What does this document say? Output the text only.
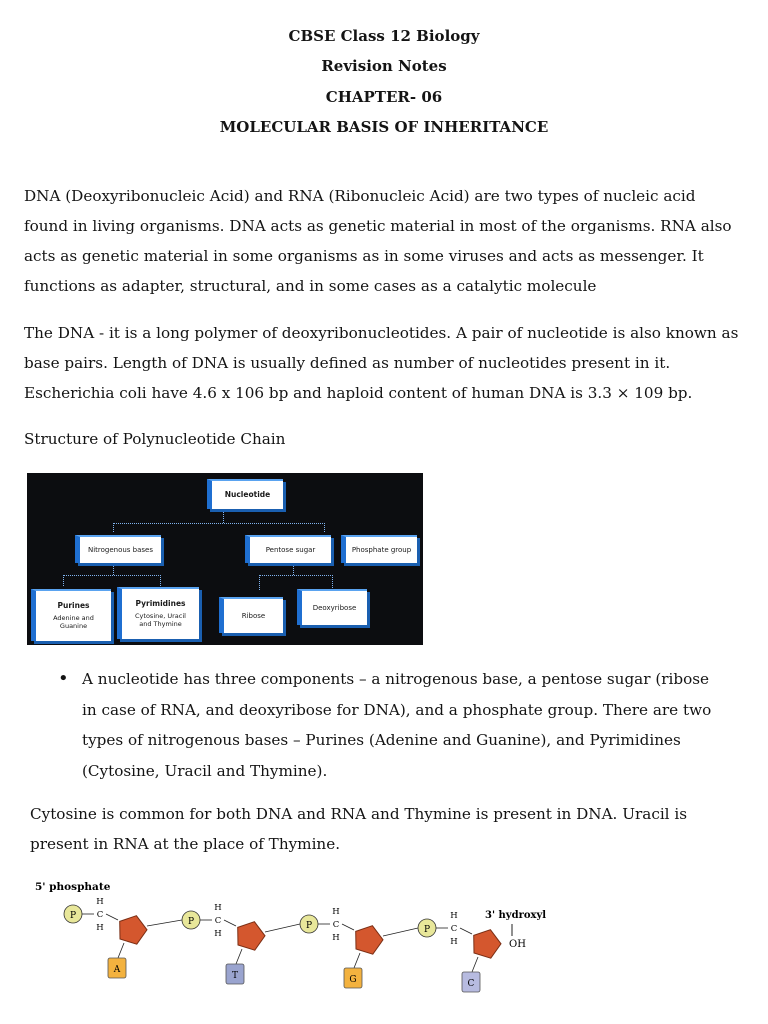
CBSE Class 12 Biology
Revision Notes
CHAPTER- 06
MOLECULAR BASIS OF INHERITANCE

DNA (Deoxyribonucleic Acid) and RNA (Ribonucleic Acid) are two types of nucleic acid found in living organisms. DNA acts as genetic material in most of the organisms. RNA also acts as genetic material in some organisms as in some viruses and acts as messenger. It functions as adapter, structural, and in some cases as a catalytic molecule

The DNA - it is a long polymer of deoxyribonucleotides. A pair of nucleotide is also known as base pairs. Length of DNA is usually defined as number of nucleotides present in it. Escherichia coli have 4.6 x 106 bp and haploid content of human DNA is 3.3 × 109 bp.

Structure of Polynucleotide Chain

Nucleotide
Nitrogenous bases	Pentose sugar	Phosphate group
Purines
Adenine and Guanine
Pyrimidines
Cytosine, Uracil and Thymine
Ribose
Deoxyribose
• A nucleotide has three components – a nitrogenous base, a pentose sugar (ribose in case of RNA, and deoxyribose for DNA), and a phosphate group. There are two types of nitrogenous bases – Purines (Adenine and Guanine), and Pyrimidines (Cytosine, Uracil and Thymine).

Cytosine is common for both DNA and RNA and Thymine is present in DNA. Uracil is present in RNA at the place of Thymine.

5' phosphate
3' hydroxyl
OH
P
H
C
H
A
P
H
C
H
T
P
H
C
H
G
P
H
C
H
C
